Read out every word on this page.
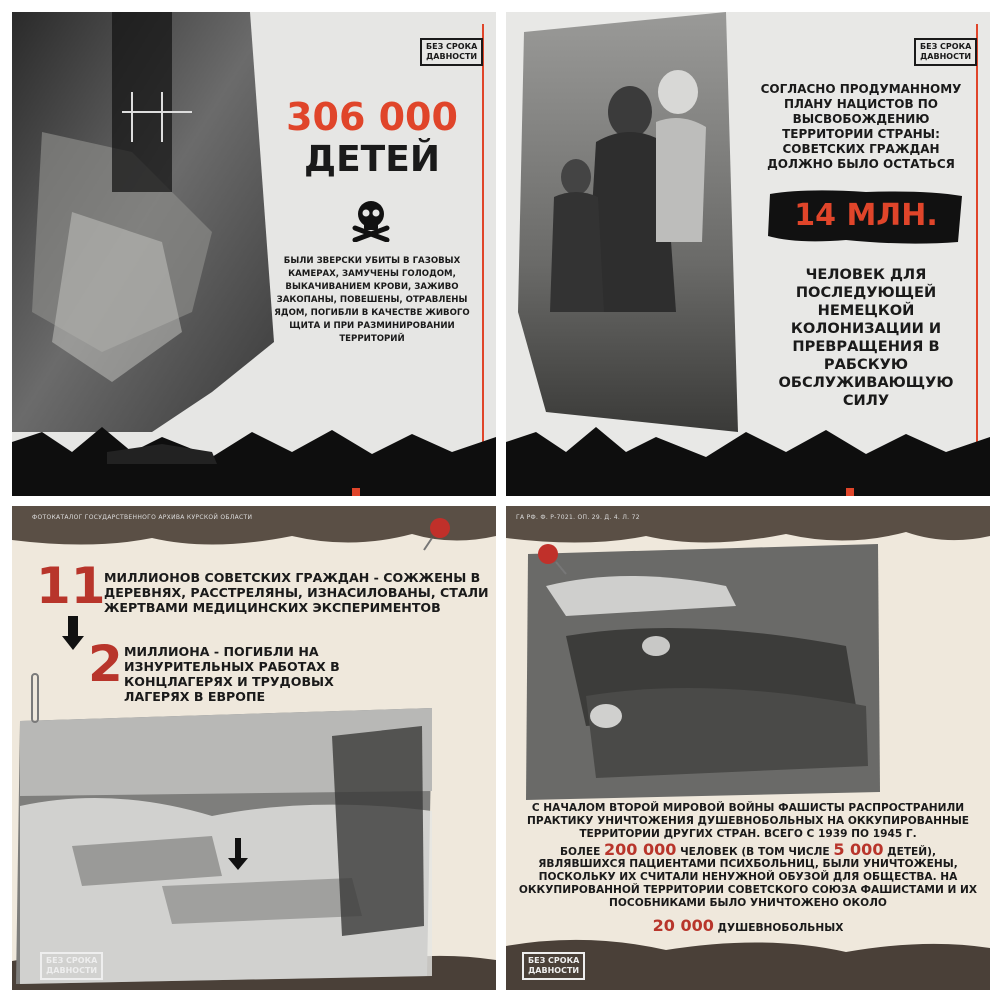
БЕЗ СРОКА
ДАВНОСТИ
306 000
ДЕТЕЙ
БЫЛИ ЗВЕРСКИ УБИТЫ В ГАЗОВЫХ КАМЕРАХ, ЗАМУЧЕНЫ ГОЛОДОМ, ВЫКАЧИВАНИЕМ КРОВИ, ЗАЖИВО ЗАКОПАНЫ, ПОВЕШЕНЫ, ОТРАВЛЕНЫ ЯДОМ, ПОГИБЛИ В КАЧЕСТВЕ ЖИВОГО ЩИТА И ПРИ РАЗМИНИРОВАНИИ ТЕРРИТОРИЙ
БЕЗ СРОКА
ДАВНОСТИ
СОГЛАСНО ПРОДУМАННОМУ ПЛАНУ НАЦИСТОВ ПО ВЫСВОБОЖДЕНИЮ ТЕРРИТОРИИ СТРАНЫ: СОВЕТСКИХ ГРАЖДАН ДОЛЖНО БЫЛО ОСТАТЬСЯ
14 МЛН.
ЧЕЛОВЕК ДЛЯ ПОСЛЕДУЮЩЕЙ НЕМЕЦКОЙ КОЛОНИЗАЦИИ И ПРЕВРАЩЕНИЯ В РАБСКУЮ ОБСЛУЖИВАЮЩУЮ СИЛУ
ФОТОКАТАЛОГ ГОСУДАРСТВЕННОГО АРХИВА КУРСКОЙ ОБЛАСТИ
11
МИЛЛИОНОВ СОВЕТСКИХ ГРАЖДАН - СОЖЖЕНЫ В ДЕРЕВНЯХ, РАССТРЕЛЯНЫ, ИЗНАСИЛОВАНЫ, СТАЛИ ЖЕРТВАМИ МЕДИЦИНСКИХ ЭКСПЕРИМЕНТОВ
2 МИЛЛИОНА - ПОГИБЛИ НА ИЗНУРИТЕЛЬНЫХ РАБОТАХ В КОНЦЛАГЕРЯХ И ТРУДОВЫХ ЛАГЕРЯХ В ЕВРОПЕ
БЕЗ СРОКА
ДАВНОСТИ
ГА РФ. Ф. Р-7021. ОП. 29. Д. 4. Л. 72
С НАЧАЛОМ ВТОРОЙ МИРОВОЙ ВОЙНЫ ФАШИСТЫ РАСПРОСТРАНИЛИ ПРАКТИКУ УНИЧТОЖЕНИЯ ДУШЕВНОБОЛЬНЫХ НА ОККУПИРОВАННЫЕ ТЕРРИТОРИИ ДРУГИХ СТРАН. ВСЕГО С 1939 ПО 1945 Г.
БОЛЕЕ 200 000 ЧЕЛОВЕК (В ТОМ ЧИСЛЕ 5 000 ДЕТЕЙ),
ЯВЛЯВШИХСЯ ПАЦИЕНТАМИ ПСИХБОЛЬНИЦ, БЫЛИ УНИЧТОЖЕНЫ, ПОСКОЛЬКУ ИХ СЧИТАЛИ НЕНУЖНОЙ ОБУЗОЙ ДЛЯ ОБЩЕСТВА. НА ОККУПИРОВАННОЙ ТЕРРИТОРИИ СОВЕТСКОГО СОЮЗА ФАШИСТАМИ И ИХ ПОСОБНИКАМИ БЫЛО УНИЧТОЖЕНО ОКОЛО
20 000 ДУШЕВНОБОЛЬНЫХ
БЕЗ СРОКА
ДАВНОСТИ
